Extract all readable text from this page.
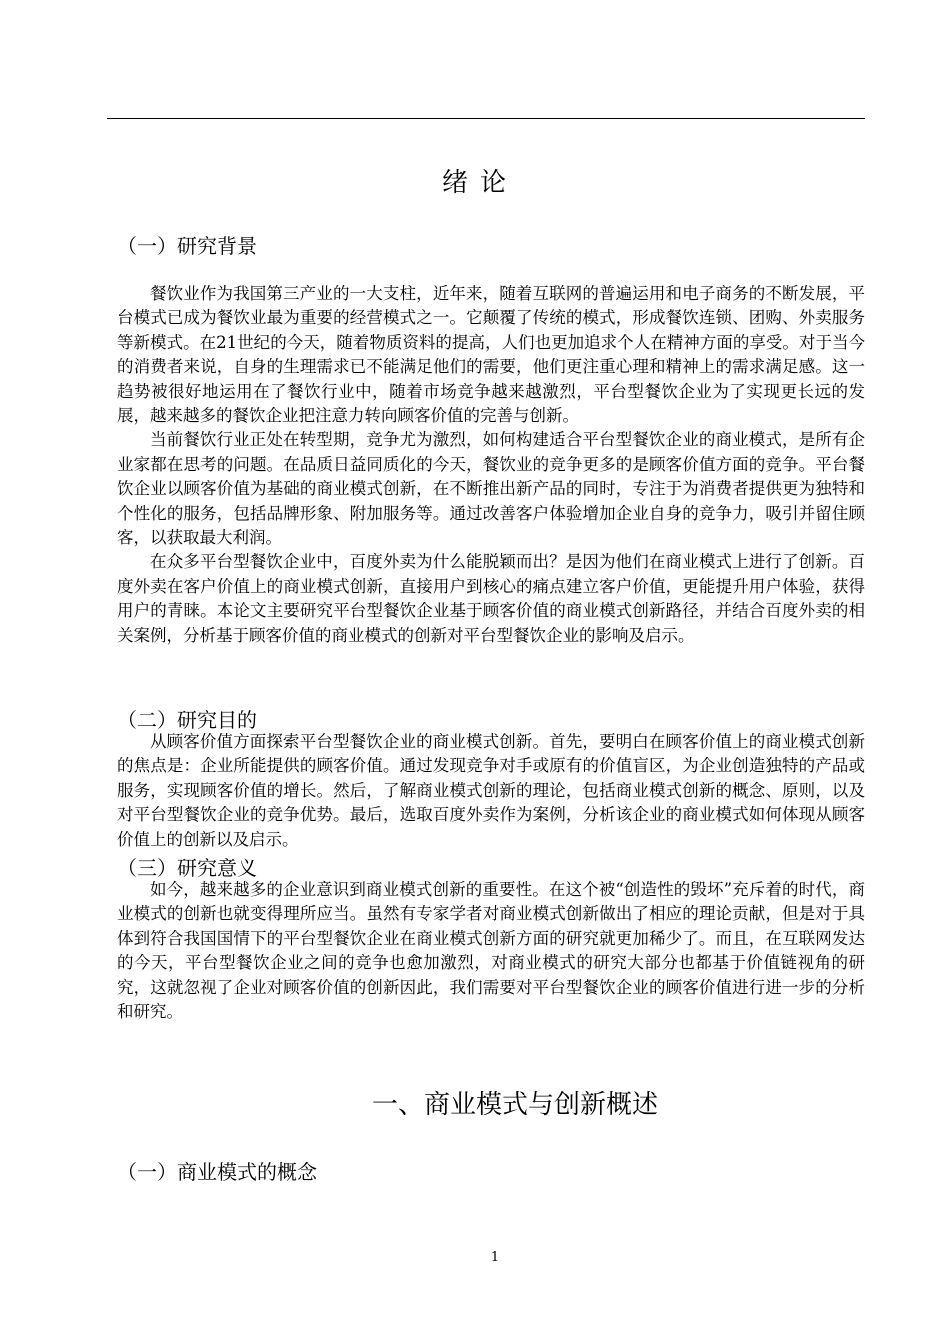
绪论
（一）研究背景

餐饮业作为我国第三产业的一大支柱，近年来，随着互联网的普遍运用和电子商务的不断发展，平台模式已成为餐饮业最为重要的经营模式之一。它颠覆了传统的模式，形成餐饮连锁、团购、外卖服务等新模式。在21世纪的今天，随着物质资料的提高，人们也更加追求个人在精神方面的享受。对于当今的消费者来说，自身的生理需求已不能满足他们的需要，他们更注重心理和精神上的需求满足感。这一趋势被很好地运用在了餐饮行业中，随着市场竞争越来越激烈，平台型餐饮企业为了实现更长远的发展，越来越多的餐饮企业把注意力转向顾客价值的完善与创新。

当前餐饮行业正处在转型期，竞争尤为激烈，如何构建适合平台型餐饮企业的商业模式，是所有企业家都在思考的问题。在品质日益同质化的今天，餐饮业的竞争更多的是顾客价值方面的竞争。平台餐饮企业以顾客价值为基础的商业模式创新，在不断推出新产品的同时，专注于为消费者提供更为独特和个性化的服务，包括品牌形象、附加服务等。通过改善客户体验增加企业自身的竞争力，吸引并留住顾客，以获取最大利润。

在众多平台型餐饮企业中，百度外卖为什么能脱颖而出？是因为他们在商业模式上进行了创新。百度外卖在客户价值上的商业模式创新，直接用户到核心的痛点建立客户价值，更能提升用户体验，获得用户的青睐。本论文主要研究平台型餐饮企业基于顾客价值的商业模式创新路径，并结合百度外卖的相关案例，分析基于顾客价值的商业模式的创新对平台型餐饮企业的影响及启示。

（二）研究目的

从顾客价值方面探索平台型餐饮企业的商业模式创新。首先，要明白在顾客价值上的商业模式创新的焦点是：企业所能提供的顾客价值。通过发现竞争对手或原有的价值盲区，为企业创造独特的产品或服务，实现顾客价值的增长。然后，了解商业模式创新的理论，包括商业模式创新的概念、原则，以及对平台型餐饮企业的竞争优势。最后，选取百度外卖作为案例，分析该企业的商业模式如何体现从顾客价值上的创新以及启示。

（三）研究意义

如今，越来越多的企业意识到商业模式创新的重要性。在这个被“创造性的毁坏”充斥着的时代，商业模式的创新也就变得理所应当。虽然有专家学者对商业模式创新做出了相应的理论贡献，但是对于具体到符合我国国情下的平台型餐饮企业在商业模式创新方面的研究就更加稀少了。而且，在互联网发达的今天，平台型餐饮企业之间的竞争也愈加激烈，对商业模式的研究大部分也都基于价值链视角的研究，这就忽视了企业对顾客价值的创新因此，我们需要对平台型餐饮企业的顾客价值进行进一步的分析和研究。

一、商业模式与创新概述
（一）商业模式的概念
1
